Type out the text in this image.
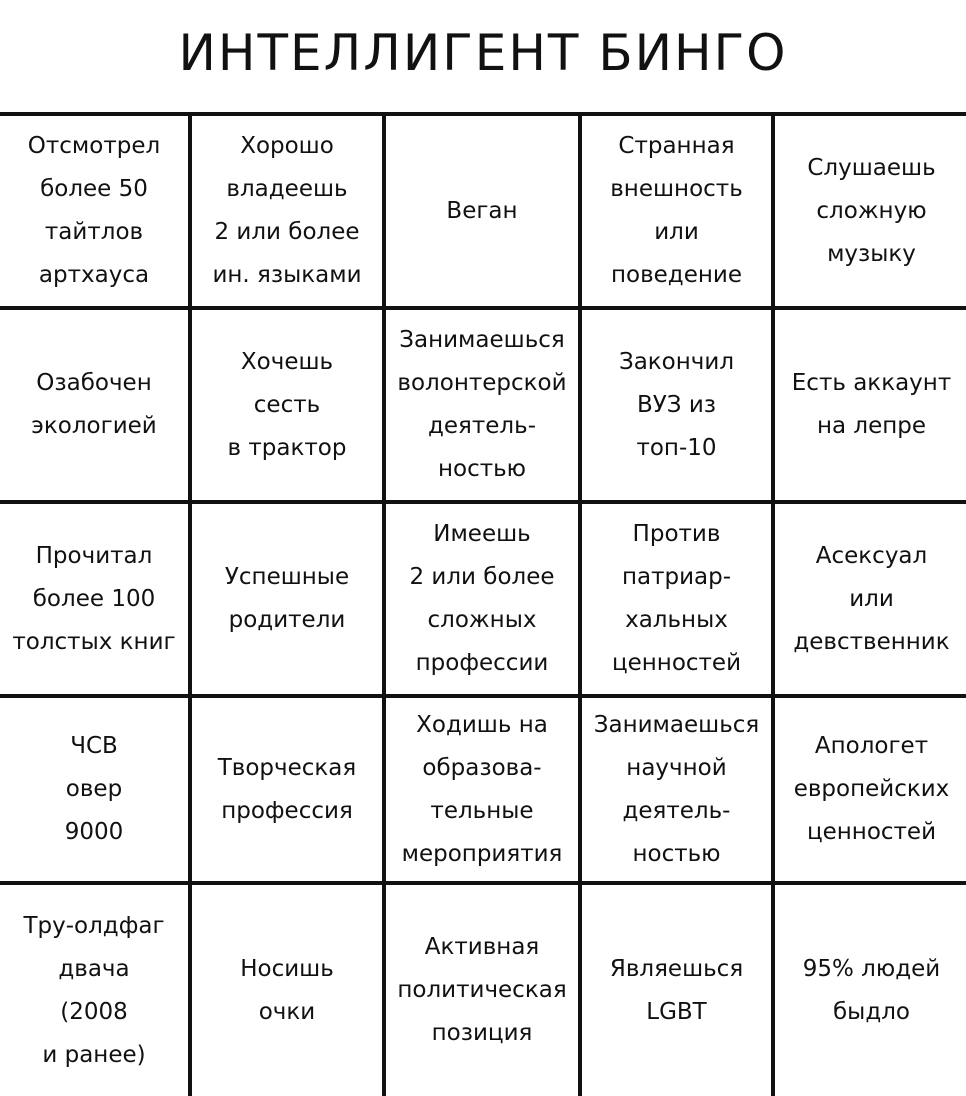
ИНТЕЛЛИГЕНТ БИНГО
Отсмотрел
более 50
тайтлов
артхауса
Хорошо
владеешь
2 или более
ин. языками
Веган
Странная
внешность
или
поведение
Слушаешь
сложную
музыку
Озабочен
экологией
Хочешь
сесть
в трактор
Занимаешься
волонтерской
деятель-
ностью
Закончил
ВУЗ из
топ-10
Есть аккаунт
на лепре
Прочитал
более 100
толстых книг
Успешные
родители
Имеешь
2 или более
сложных
профессии
Против
патриар-
хальных
ценностей
Асексуал
или
девственник
ЧСВ
овер
9000
Творческая
профессия
Ходишь на
образова-
тельные
мероприятия
Занимаешься
научной
деятель-
ностью
Апологет
европейских
ценностей
Тру-олдфаг
двача
(2008
и ранее)
Носишь
очки
Активная
политическая
позиция
Являешься
LGBT
95% людей
быдло
